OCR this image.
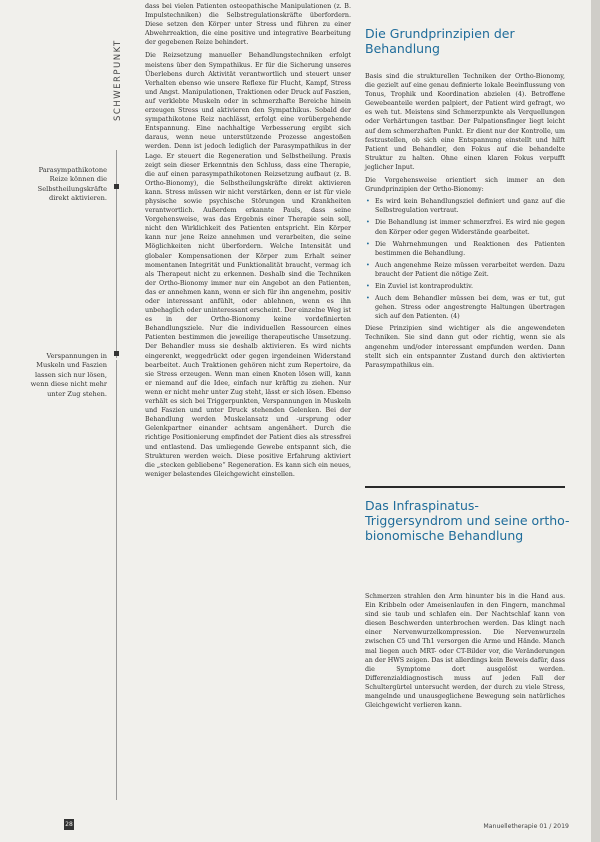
SCHWERPUNKT
Parasympathikotone Reize können die Selbstheilungskräfte direkt aktivieren.
Verspannungen in Muskeln und Faszien lassen sich nur lösen, wenn diese nicht mehr unter Zug stehen.

dass bei vielen Patienten osteopathische Manipulationen (z. B. Impulstechniken) die Selbstregulationskräfte überfordern. Diese setzen den Körper unter Stress und führen zu einer Abwehrreaktion, die eine positive und integrative Bearbeitung der gegebenen Reize behindert.

Die Reizsetzung manueller Behandlungstechniken erfolgt meistens über den Sympathikus. Er für die Sicherung unseres Überlebens durch Aktivität verantwortlich und steuert unser Verhalten ebenso wie unsere Reflexe für Flucht, Kampf, Stress und Angst. Manipulationen, Traktionen oder Druck auf Faszien, auf verklebte Muskeln oder in schmerzhafte Bereiche hinein erzeugen Stress und aktivieren den Sympathikus. Sobald der sympathikotone Reiz nachlässt, erfolgt eine vorübergehende Entspannung. Eine nachhaltige Verbesserung ergibt sich daraus, wenn neue unterstützende Prozesse angestoßen werden. Denn ist jedoch lediglich der Parasympathikus in der Lage. Er steuert die Regeneration und Selbstheilung. Praxis zeigt sein dieser Erkenntnis den Schluss, dass eine Therapie, die auf einen parasympathikotonen Reizsetzung aufbaut (z. B. Ortho-Bionomy), die Selbstheilungskräfte direkt aktivieren kann. Stress müssen wir nicht verstärken, denn er ist für viele physische sowie psychische Störungen und Krankheiten verantwortlich. Außerdem erkannte Pauls, dass seine Vorgehensweise, was das Ergebnis einer Therapie sein soll, nicht den Wirklichkeit des Patienten entspricht. Ein Körper kann nur jene Reize annehmen und verarbeiten, die seine Möglichkeiten nicht überfordern. Welche Intensität und globaler Kompensationen der Körper zum Erhalt seiner momentanen Integrität und Funktionalität braucht, vermag ich als Therapeut nicht zu erkennen. Deshalb sind die Techniken der Ortho-Bionomy immer nur ein Angebot an den Patienten, das er annehmen kann, wenn er sich für ihn angenehm, positiv oder interessant anfühlt, oder ablehnen, wenn es ihn unbehaglich oder uninteressant erscheint. Der einzelne Weg ist es in der Ortho-Bionomy keine vordefinierten Behandlungsziele. Nur die individuellen Ressourcen eines Patienten bestimmen die jeweilige therapeutische Umsetzung. Der Behandler muss sie deshalb aktivieren. Es wird nichts eingerenkt, weggedrückt oder gegen irgendeinen Widerstand bearbeitet. Auch Traktionen gehören nicht zum Repertoire, da sie Stress erzeugen. Wenn man einen Knoten lösen will, kann er niemand auf die Idee, einfach nur kräftig zu ziehen. Nur wenn er nicht mehr unter Zug steht, lässt er sich lösen. Ebenso verhält es sich bei Triggerpunkten, Verspannungen in Muskeln und Faszien und unter Druck stehenden Gelenken. Bei der Behandlung werden Muskelansatz und -ursprung oder Gelenkpartner einander achtsam angenähert. Durch die richtige Positionierung empfindet der Patient dies als stressfrei und entlastend. Das umliegende Gewebe entspannt sich, die Strukturen werden weich. Diese positive Erfahrung aktiviert die „stecken gebliebene“ Regeneration. Es kann sich ein neues, weniger belastendes Gleichgewicht einstellen.

Die Grundprinzipien der Behandlung

Basis sind die strukturellen Techniken der Ortho-Bionomy, die gezielt auf eine genau definierte lokale Beeinflussung von Tonus, Trophik und Koordination abzielen (4). Betroffene Gewebeanteile werden palpiert, der Patient wird gefragt, wo es weh tut. Meistens sind Schmerzpunkte als Verquellungen oder Verhärtungen tastbar. Der Palpationsfinger liegt leicht auf dem schmerzhaften Punkt. Er dient nur der Kontrolle, um festzustellen, ob sich eine Entspannung einstellt und hilft Patient und Behandler, den Fokus auf die behandelte Struktur zu halten. Ohne einen klaren Fokus verpufft jeglicher Input.

Die Vorgehensweise orientiert sich immer an den Grundprinzipien der Ortho-Bionomy:

• Es wird kein Behandlungsziel definiert und ganz auf die Selbstregulation vertraut.
• Die Behandlung ist immer schmerzfrei. Es wird nie gegen den Körper oder gegen Widerstände gearbeitet.
• Die Wahrnehmungen und Reaktionen des Patienten bestimmen die Behandlung.
• Auch angenehme Reize müssen verarbeitet werden. Dazu braucht der Patient die nötige Zeit.
• Ein Zuviel ist kontraproduktiv.
• Auch dem Behandler müssen bei dem, was er tut, gut gehen. Stress oder angestrengte Haltungen übertragen sich auf den Patienten. (4)

Diese Prinzipien sind wichtiger als die angewendeten Techniken. Sie sind dann gut oder richtig, wenn sie als angenehm und/oder interessant empfunden werden. Dann stellt sich ein entspannter Zustand durch den aktivierten Parasympathikus ein.

Das Infraspinatus-Triggersyndrom und seine ortho-bionomische Behandlung

Schmerzen strahlen den Arm hinunter bis in die Hand aus. Ein Kribbeln oder Ameisenlaufen in den Fingern, manchmal sind sie taub und schlafen ein. Der Nachtschlaf kann von diesen Beschwerden unterbrochen werden. Das klingt nach einer Nervenwurzelkompression. Die Nervenwurzeln zwischen C5 und Th1 versorgen die Arme und Hände. Manch mal liegen auch MRT- oder CT-Bilder vor, die Veränderungen an der HWS zeigen. Das ist allerdings kein Beweis dafür, dass die Symptome dort ausgelöst werden. Differenzialdiagnostisch muss auf jeden Fall der Schultergürtel untersucht werden, der durch zu viele Stress, mangelnde und unausgeglichene Bewegung sein natürliches Gleichgewicht verlieren kann.

28	Manuelletherapie 01 / 2019
